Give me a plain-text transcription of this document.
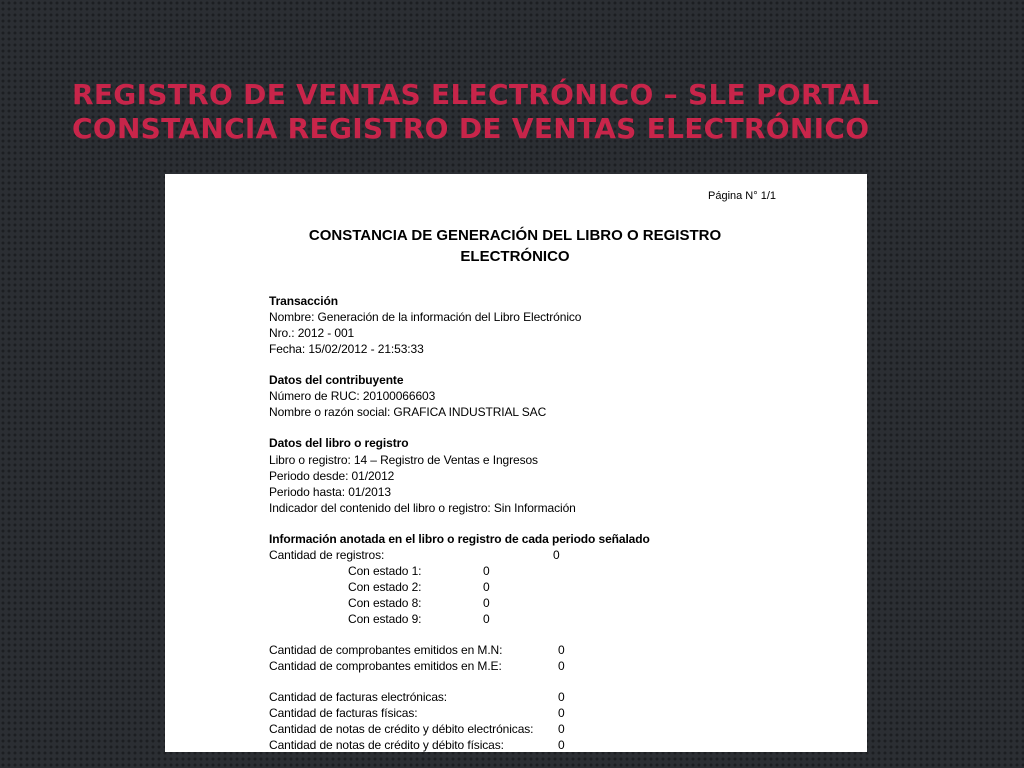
REGISTRO DE VENTAS ELECTRÓNICO – SLE PORTAL
CONSTANCIA REGISTRO DE VENTAS ELECTRÓNICO
Página N° 1/1
CONSTANCIA DE GENERACIÓN DEL LIBRO O REGISTRO
ELECTRÓNICO
Transacción
Nombre: Generación de la información del Libro Electrónico
Nro.: 2012 - 001
Fecha: 15/02/2012 - 21:53:33
Datos del contribuyente
Número de RUC: 20100066603
Nombre o razón social: GRAFICA INDUSTRIAL SAC
Datos del libro o registro
Libro o registro: 14 – Registro de Ventas e Ingresos
Periodo desde: 01/2012
Periodo hasta: 01/2013
Indicador del contenido del libro o registro: Sin Información
Información anotada en el libro o registro de cada periodo señalado
Cantidad de registros:	0
Con estado 1:	0
Con estado 2:	0
Con estado 8:	0
Con estado 9:	0
Cantidad de comprobantes emitidos en M.N:	0
Cantidad de comprobantes emitidos en M.E:	0
Cantidad de facturas electrónicas:	0
Cantidad de facturas físicas:	0
Cantidad de notas de crédito y débito electrónicas: 0
Cantidad de notas de crédito y débito físicas:	0
